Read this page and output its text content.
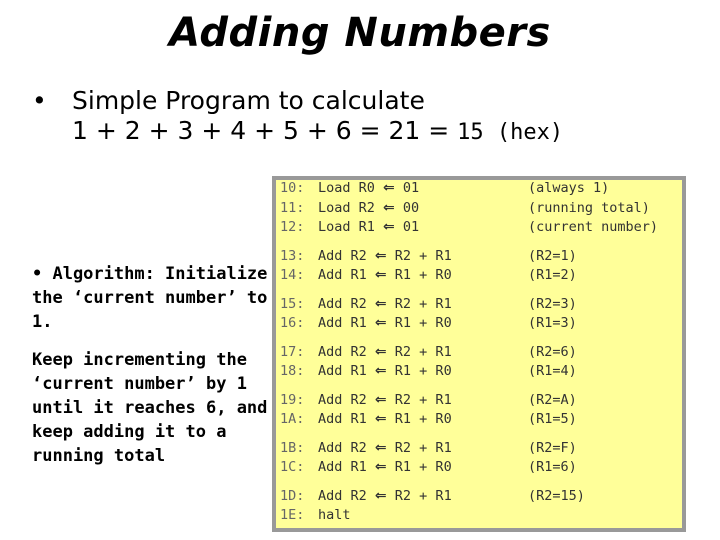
Adding Numbers
• Simple Program to calculate
1 + 2 + 3 + 4 + 5 + 6 = 21 = 15 (hex)

• Algorithm: Initialize the ‘current number’ to 1.

Keep incrementing the ‘current number’ by 1 until it reaches 6, and keep adding it to a running total

10:	Load R0 ⇐ 01	(always 1)
11:	Load R2 ⇐ 00	(running total)
12:	Load R1 ⇐ 01	(current number)
13:	Add R2 ⇐ R2 + R1	(R2=1)
14:	Add R1 ⇐ R1 + R0	(R1=2)
15:	Add R2 ⇐ R2 + R1	(R2=3)
16:	Add R1 ⇐ R1 + R0	(R1=3)
17:	Add R2 ⇐ R2 + R1	(R2=6)
18:	Add R1 ⇐ R1 + R0	(R1=4)
19:	Add R2 ⇐ R2 + R1	(R2=A)
1A:	Add R1 ⇐ R1 + R0	(R1=5)
1B:	Add R2 ⇐ R2 + R1	(R2=F)
1C:	Add R1 ⇐ R1 + R0	(R1=6)
1D:	Add R2 ⇐ R2 + R1	(R2=15)
1E:	halt
